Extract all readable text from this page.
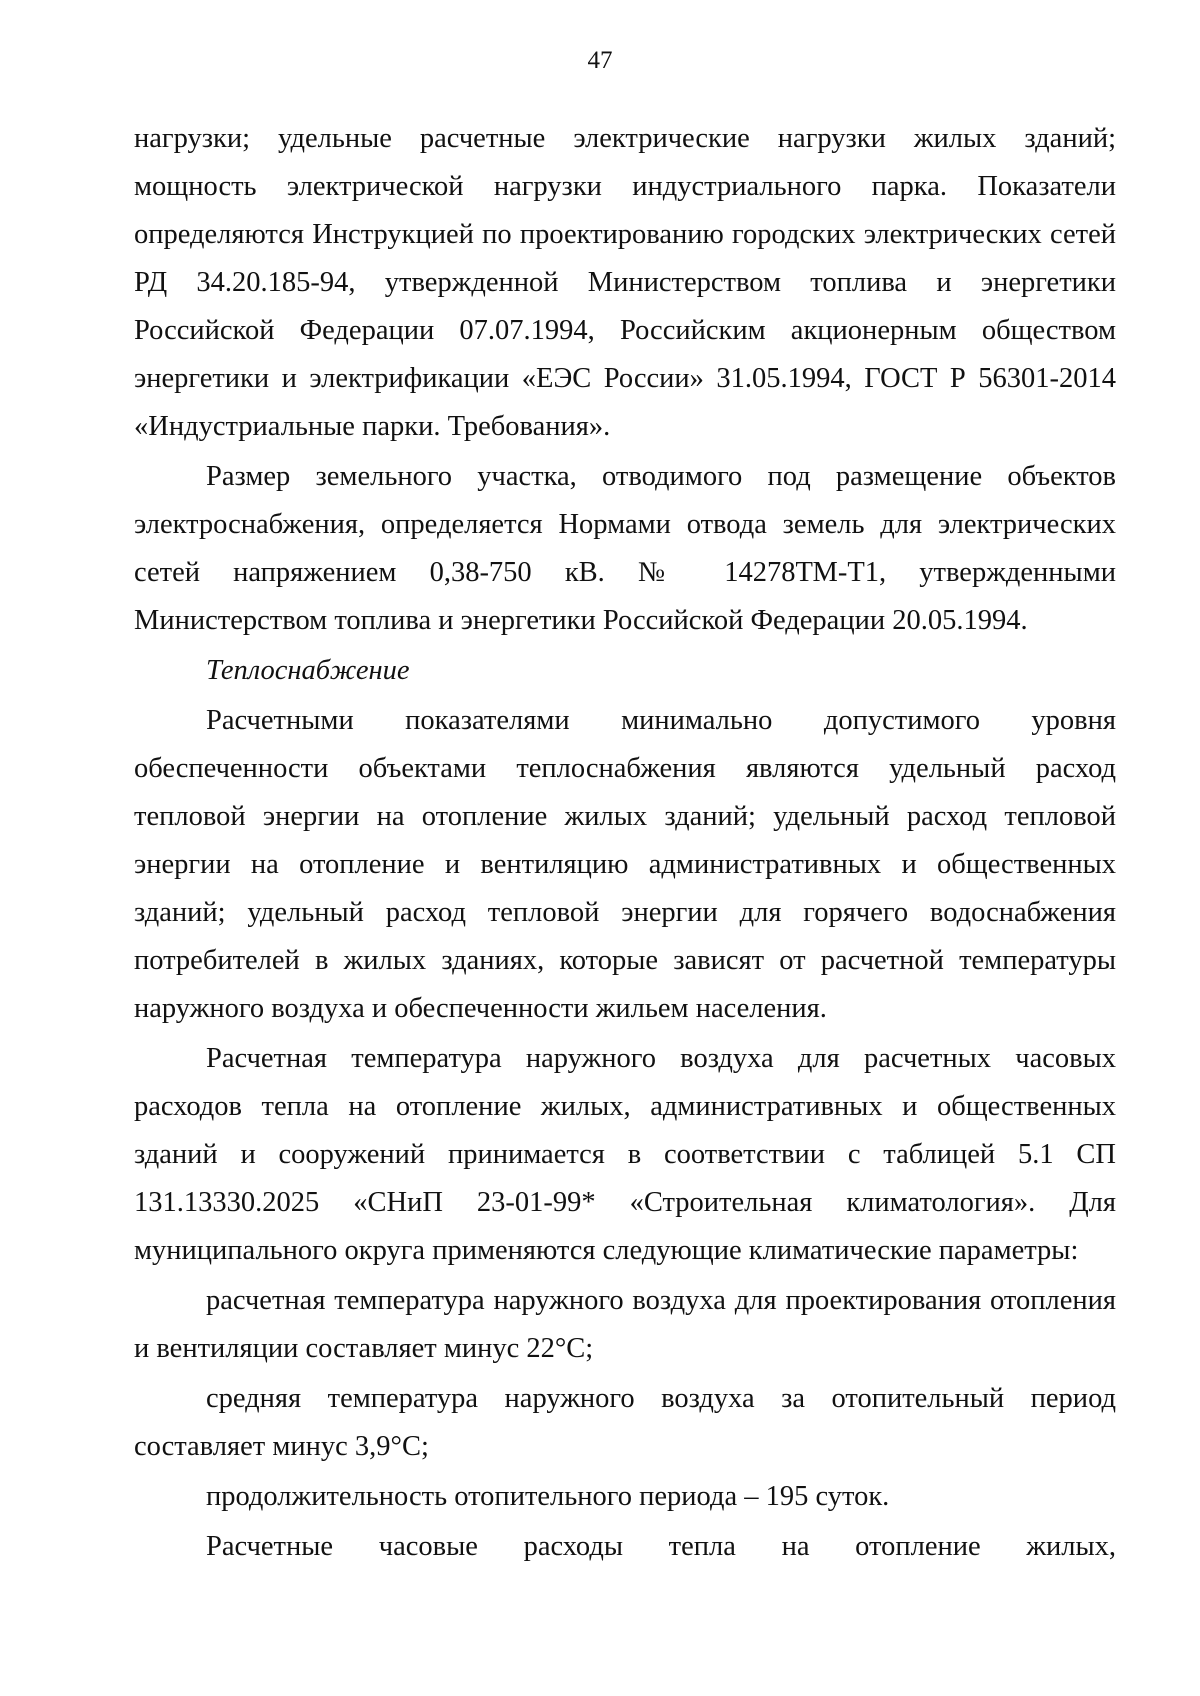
47

нагрузки; удельные расчетные электрические нагрузки жилых зданий; мощность электрической нагрузки индустриального парка. Показатели определяются Инструкцией по проектированию городских электрических сетей РД 34.20.185-94, утвержденной Министерством топлива и энергетики Российской Федерации 07.07.1994, Российским акционерным обществом энергетики и электрификации «ЕЭС России» 31.05.1994, ГОСТ Р 56301-2014 «Индустриальные парки. Требования».

Размер земельного участка, отводимого под размещение объектов электроснабжения, определяется Нормами отвода земель для электрических сетей напряжением 0,38-750 кВ. № 14278ТМ-Т1, утвержденными Министерством топлива и энергетики Российской Федерации 20.05.1994.

Теплоснабжение

Расчетными показателями минимально допустимого уровня обеспеченности объектами теплоснабжения являются удельный расход тепловой энергии на отопление жилых зданий; удельный расход тепловой энергии на отопление и вентиляцию административных и общественных зданий; удельный расход тепловой энергии для горячего водоснабжения потребителей в жилых зданиях, которые зависят от расчетной температуры наружного воздуха и обеспеченности жильем населения.

Расчетная температура наружного воздуха для расчетных часовых расходов тепла на отопление жилых, административных и общественных зданий и сооружений принимается в соответствии с таблицей 5.1 СП 131.13330.2025 «СНиП 23-01-99* «Строительная климатология». Для муниципального округа применяются следующие климатические параметры:

расчетная температура наружного воздуха для проектирования отопления и вентиляции составляет минус 22°С;

средняя температура наружного воздуха за отопительный период составляет минус 3,9°С;

продолжительность отопительного периода – 195 суток.

Расчетные часовые расходы тепла на отопление жилых,
